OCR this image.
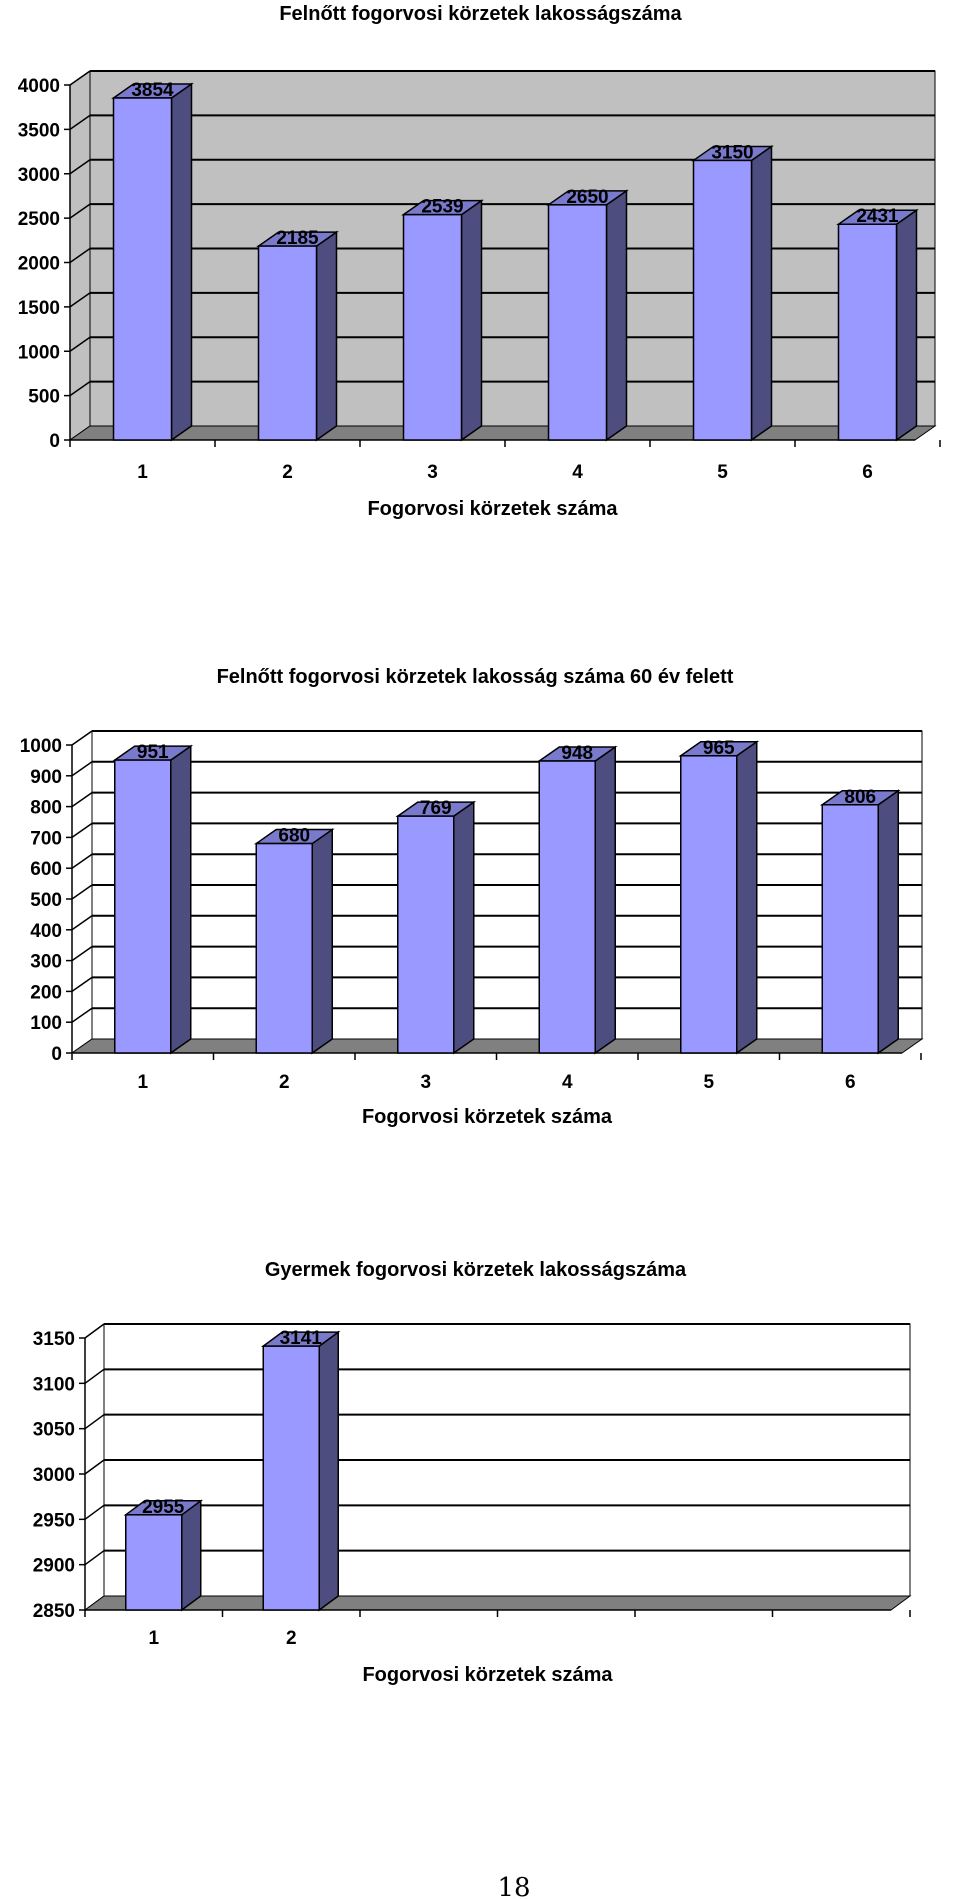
0
500
1000
1500
2000
2500
3000
3500
4000	3854
2185
2539	2650
3150
2431
1	2	3	4	5	6
Felnőtt fogorvosi körzetek lakosságszáma
Fogorvosi körzetek száma
0
100
200
300
400
500
600
700
800
900
1000	951
680
769
948	965
806
1	2	3	4	5	6
Felnőtt fogorvosi körzetek lakosság száma 60 év felett
Fogorvosi körzetek száma
2850
2900
2950
3000
3050
3100
3150
2955
3141
1	2
Gyermek fogorvosi körzetek lakosságszáma
Fogorvosi körzetek száma
18
